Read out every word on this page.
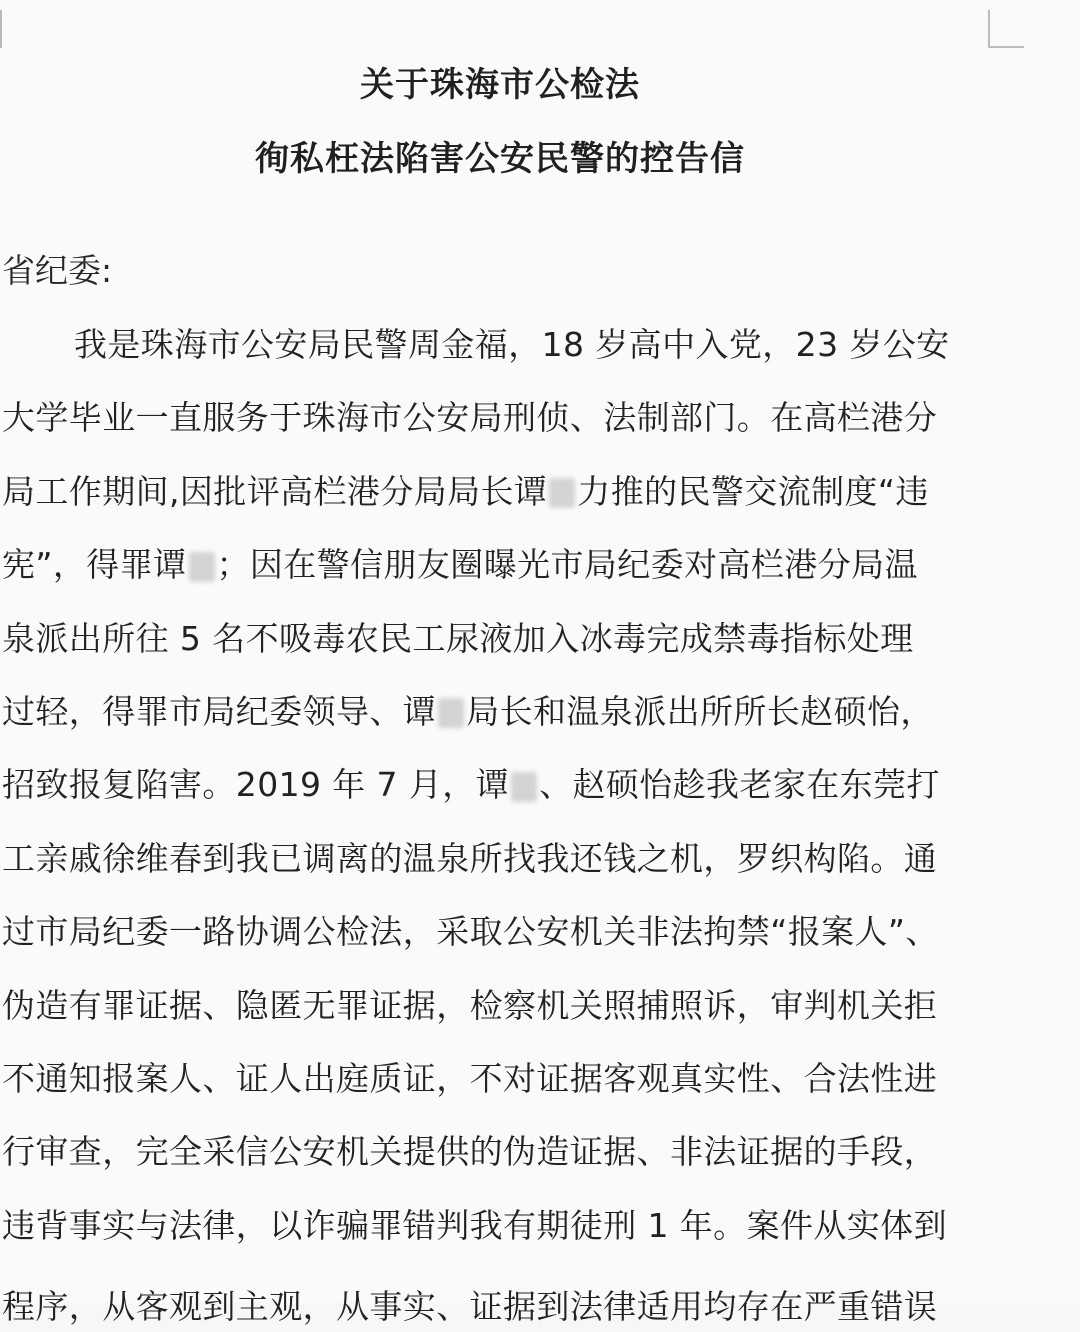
关于珠海市公检法
徇私枉法陷害公安民警的控告信
省纪委:
我是珠海市公安局民警周金福，18 岁高中入党，23 岁公安
大学毕业一直服务于珠海市公安局刑侦、法制部门。在高栏港分
局工作期间,因批评高栏港分局局长谭 力推的民警交流制度“违
宪”，得罪谭 ；因在警信朋友圈曝光市局纪委对高栏港分局温
泉派出所往 5 名不吸毒农民工尿液加入冰毒完成禁毒指标处理
过轻，得罪市局纪委领导、谭 局长和温泉派出所所长赵硕怡，
招致报复陷害。2019 年 7 月，谭 、赵硕怡趁我老家在东莞打
工亲戚徐维春到我已调离的温泉所找我还钱之机，罗织构陷。通
过市局纪委一路协调公检法，采取公安机关非法拘禁“报案人”、
伪造有罪证据、隐匿无罪证据，检察机关照捕照诉，审判机关拒
不通知报案人、证人出庭质证，不对证据客观真实性、合法性进
行审查，完全采信公安机关提供的伪造证据、非法证据的手段，
违背事实与法律，以诈骗罪错判我有期徒刑 1 年。案件从实体到
程序，从客观到主观，从事实、证据到法律适用均存在严重错误
